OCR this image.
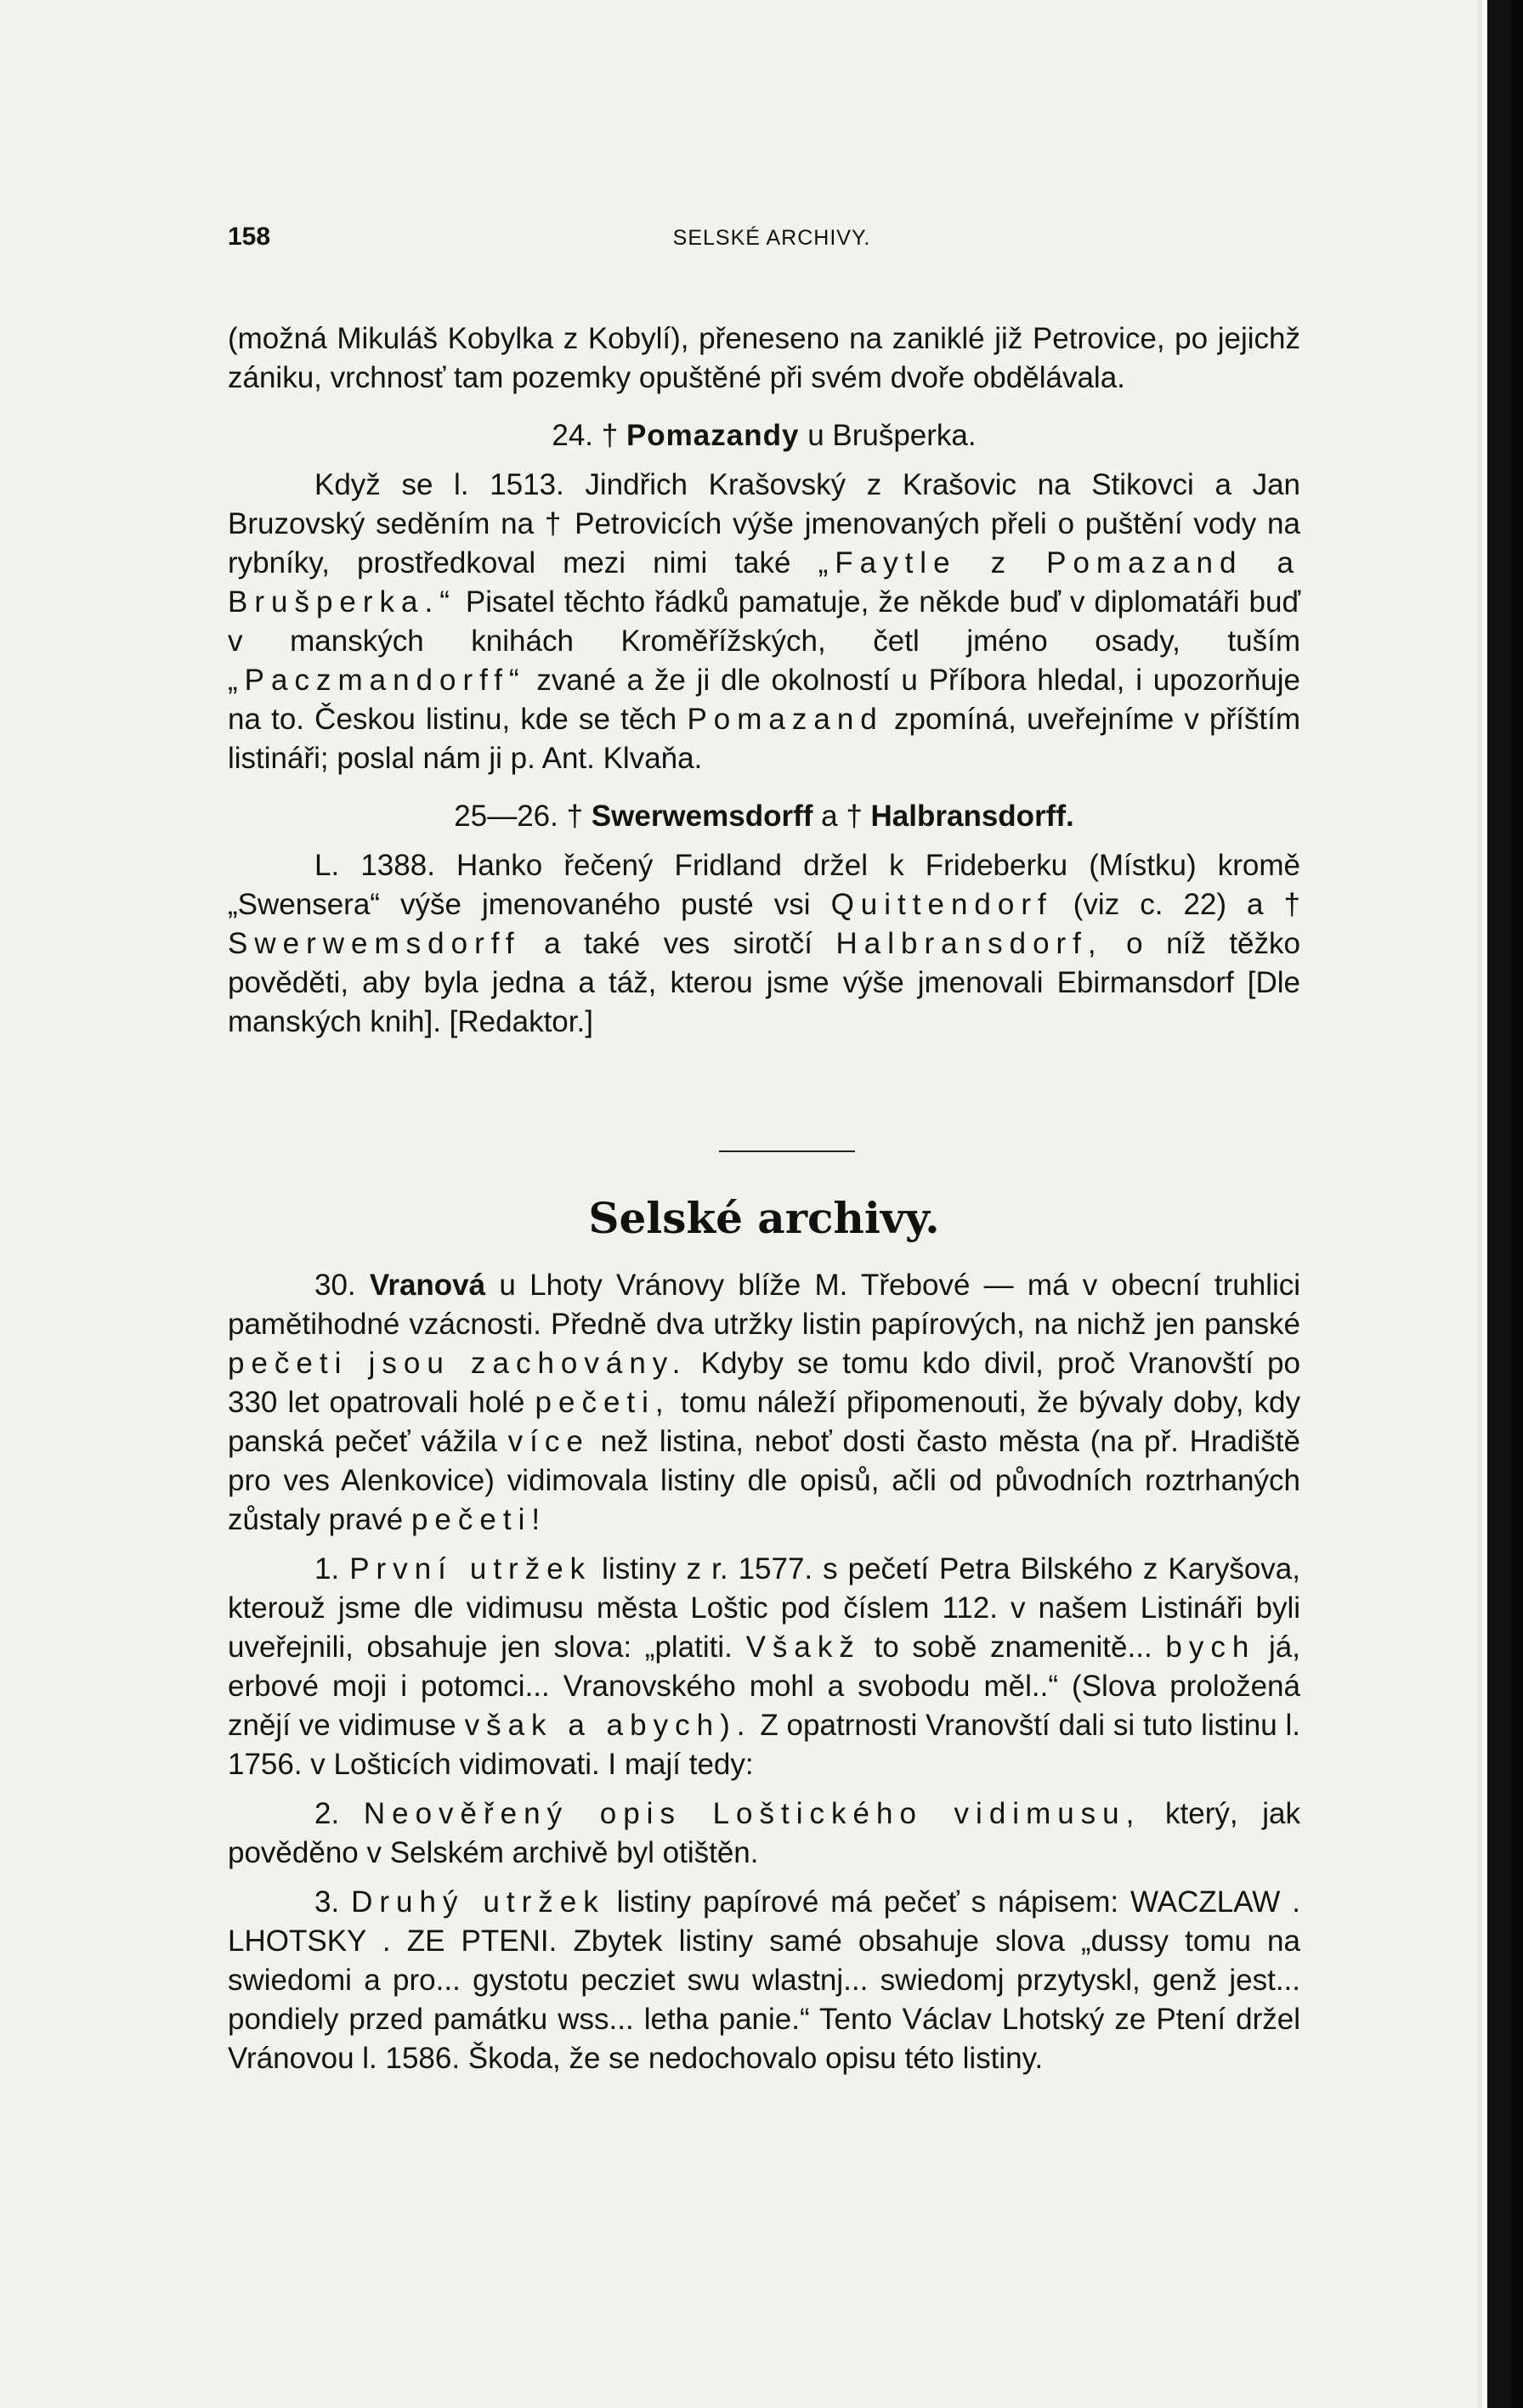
158	SELSKÉ ARCHIVY.

(možná Mikuláš Kobylka z Kobylí), přeneseno na zaniklé již Petrovice, po jejichž zániku, vrchnosť tam pozemky opuštěné při svém dvoře obdělávala.

24. † Pomazandy u Brušperka.

Když se l. 1513. Jindřich Krašovský z Krašovic na Stikovci a Jan Bruzovský seděním na † Petrovicích výše jmenovaných přeli o puštění vody na rybníky, prostředkoval mezi nimi také „Faytle z Pomazand a Brušperka.“ Pisatel těchto řádků pamatuje, že někde buď v diplomatáři buď v manských knihách Kroměřížských, četl jméno osady, tuším „Paczmandorff“ zvané a že ji dle okolností u Příbora hledal, i upozorňuje na to. Českou listinu, kde se těch Pomazand zpomíná, uveřejníme v příštím listináři; poslal nám ji p. Ant. Klvaňa.

25—26. † Swerwemsdorff a † Halbransdorff.

L. 1388. Hanko řečený Fridland držel k Frideberku (Místku) kromě „Swensera“ výše jmenovaného pusté vsi Quittendorf (viz c. 22) a † Swerwemsdorff a také ves sirotčí Halbransdorf, o níž těžko pověděti, aby byla jedna a táž, kterou jsme výše jmenovali Ebirmansdorf [Dle manských knih]. [Redaktor.]

Selské archivy.

30. Vranová u Lhoty Vránovy blíže M. Třebové — má v obecní truhlici pamětihodné vzácnosti. Předně dva utržky listin papírových, na nichž jen panské pečeti jsou zachovány. Kdyby se tomu kdo divil, proč Vranovští po 330 let opatrovali holé pečeti, tomu náleží připomenouti, že bývaly doby, kdy panská pečeť vážila více než listina, neboť dosti často města (na př. Hradiště pro ves Alenkovice) vidimovala listiny dle opisů, ačli od původních roztrhaných zůstaly pravé pečeti!

1. První utržek listiny z r. 1577. s pečetí Petra Bilského z Karyšova, kterouž jsme dle vidimusu města Loštic pod číslem 112. v našem Listináři byli uveřejnili, obsahuje jen slova: „platiti. Všakž to sobě znamenitě... bych já, erbové moji i potomci... Vranovského mohl a svobodu měl..“ (Slova proložená znějí ve vidimuse však a abych). Z opatrnosti Vranovští dali si tuto listinu l. 1756. v Lošticích vidimovati. I mají tedy:

2. Neověřený opis Loštického vidimusu, který, jak pověděno v Selském archivě byl otištěn.

3. Druhý utržek listiny papírové má pečeť s nápisem: WACZLAW . LHOTSKY . ZE PTENI. Zbytek listiny samé obsahuje slova „dussy tomu na swiedomi a pro... gystotu pecziet swu wlastnj... swiedomj przytyskl, genž jest... pondiely przed památku wss... letha panie.“ Tento Václav Lhotský ze Ptení držel Vránovou l. 1586. Škoda, že se nedochovalo opisu této listiny.
